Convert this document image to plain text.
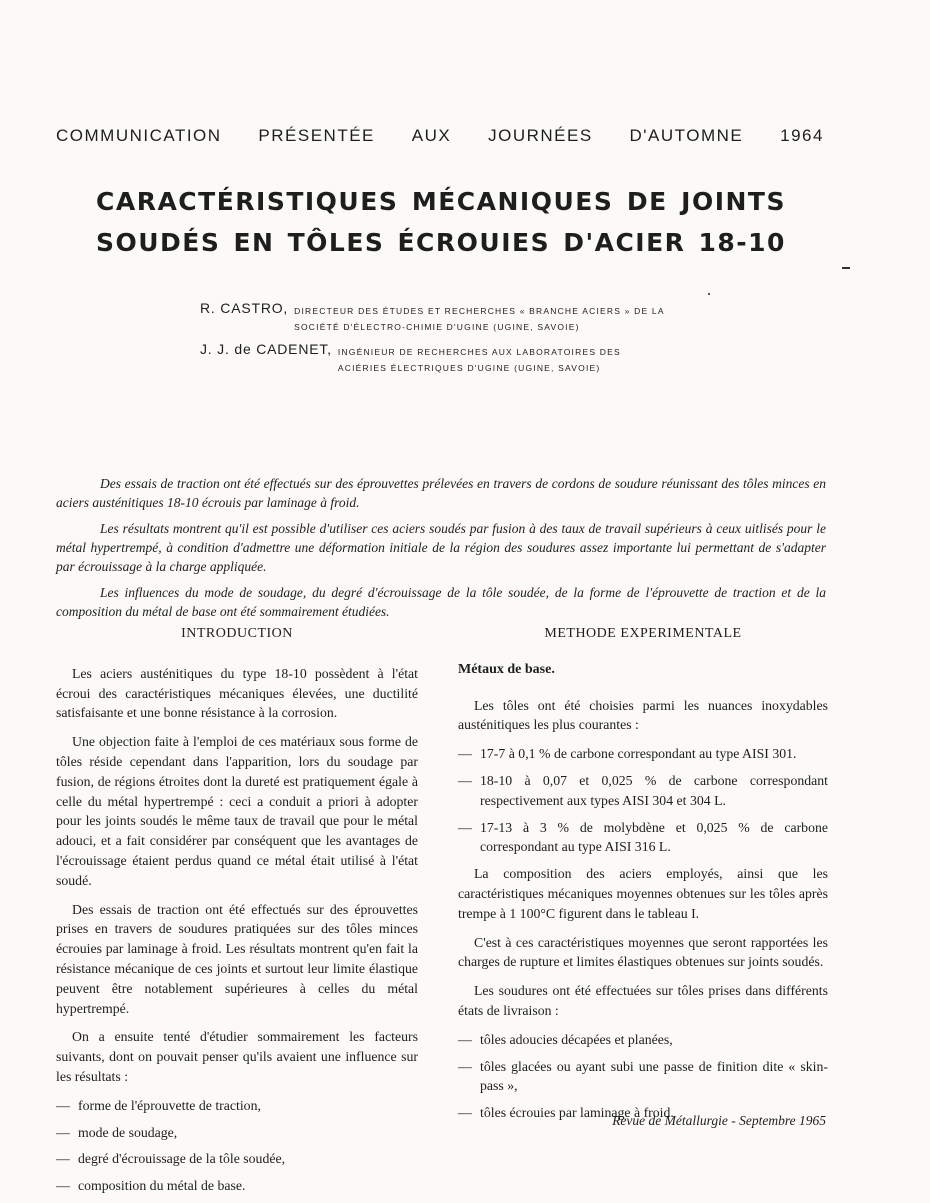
COMMUNICATION PRÉSENTÉE AUX JOURNÉES D'AUTOMNE 1964
CARACTÉRISTIQUES MÉCANIQUES DE JOINTS
SOUDÉS EN TÔLES ÉCROUIES D'ACIER 18-10
R. CASTRO, DIRECTEUR DES ÉTUDES ET RECHERCHES « BRANCHE ACIERS » DE LA SOCIÉTÉ D'ÉLECTRO-CHIMIE D'UGINE (UGINE, SAVOIE)
J. J. de CADENET, INGÉNIEUR DE RECHERCHES AUX LABORATOIRES DES ACIÉRIES ÉLECTRIQUES D'UGINE (UGINE, SAVOIE)

Des essais de traction ont été effectués sur des éprouvettes prélevées en travers de cordons de soudure réunissant des tôles minces en aciers austénitiques 18-10 écrouis par laminage à froid.

Les résultats montrent qu'il est possible d'utiliser ces aciers soudés par fusion à des taux de travail supérieurs à ceux uitlisés pour le métal hypertrempé, à condition d'admettre une déformation initiale de la région des soudures assez importante lui permettant de s'adapter par écrouissage à la charge appliquée.

Les influences du mode de soudage, du degré d'écrouissage de la tôle soudée, de la forme de l'éprouvette de traction et de la composition du métal de base ont été sommairement étudiées.

INTRODUCTION

Les aciers austénitiques du type 18-10 possèdent à l'état écroui des caractéristiques mécaniques élevées, une ductilité satisfaisante et une bonne résistance à la corrosion.

Une objection faite à l'emploi de ces matériaux sous forme de tôles réside cependant dans l'apparition, lors du soudage par fusion, de régions étroites dont la dureté est pratiquement égale à celle du métal hypertrempé : ceci a conduit a priori à adopter pour les joints soudés le même taux de travail que pour le métal adouci, et a fait considérer par conséquent que les avantages de l'écrouissage étaient perdus quand ce métal était utilisé à l'état soudé.

Des essais de traction ont été effectués sur des éprouvettes prises en travers de soudures pratiquées sur des tôles minces écrouies par laminage à froid. Les résultats montrent qu'en fait la résistance mécanique de ces joints et surtout leur limite élastique peuvent être notablement supérieures à celles du métal hypertrempé.

On a ensuite tenté d'étudier sommairement les facteurs suivants, dont on pouvait penser qu'ils avaient une influence sur les résultats :

— forme de l'éprouvette de traction,
— mode de soudage,
— degré d'écrouissage de la tôle soudée,
— composition du métal de base.
METHODE EXPERIMENTALE
Métaux de base.

Les tôles ont été choisies parmi les nuances inoxydables austénitiques les plus courantes :

— 17-7 à 0,1 % de carbone correspondant au type AISI 301.
— 18-10 à 0,07 et 0,025 % de carbone correspondant respectivement aux types AISI 304 et 304 L.
— 17-13 à 3 % de molybdène et 0,025 % de carbone correspondant au type AISI 316 L.

La composition des aciers employés, ainsi que les caractéristiques mécaniques moyennes obtenues sur les tôles après trempe à 1 100°C figurent dans le tableau I.

C'est à ces caractéristiques moyennes que seront rapportées les charges de rupture et limites élastiques obtenues sur joints soudés.

Les soudures ont été effectuées sur tôles prises dans différents états de livraison :

— tôles adoucies décapées et planées,
— tôles glacées ou ayant subi une passe de finition dite « skin-pass »,
— tôles écrouies par laminage à froid.
Revue de Métallurgie - Septembre 1965
